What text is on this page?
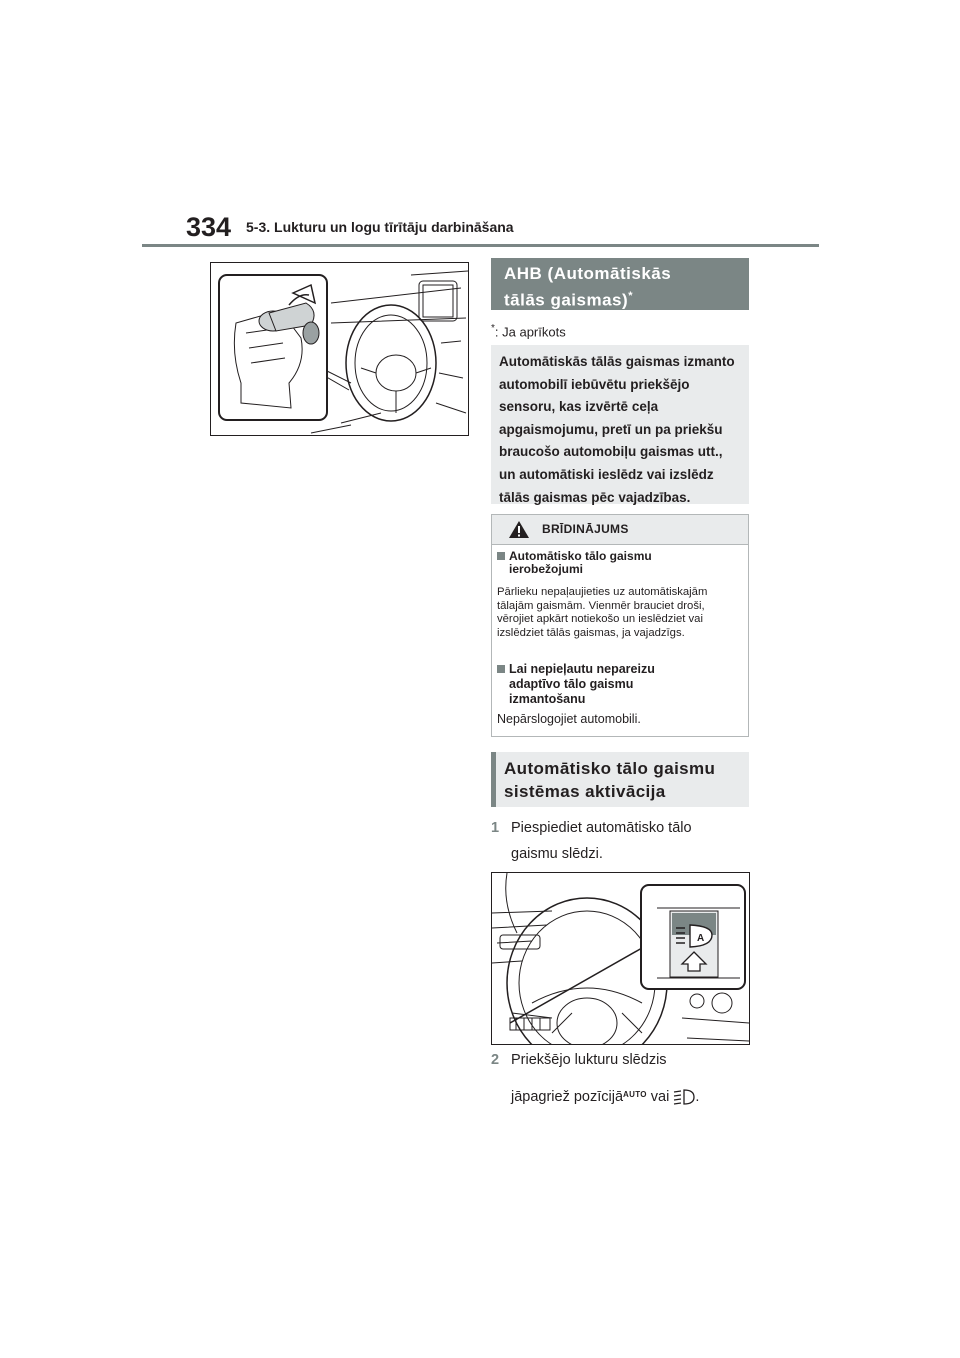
334 5-3. Lukturu un logu tīrītāju darbināšana
AHB (Automātiskās
tālās gaismas)*
*: Ja aprīkots
Automātiskās tālās gaismas izmanto automobilī iebūvētu priekšējo sensoru, kas izvērtē ceļa apgaismojumu, pretī un pa priekšu braucošo automobiļu gaismas utt., un automātiski ieslēdz vai izslēdz tālās gaismas pēc vajadzības.
BRĪDINĀJUMS
Automātisko tālo gaismu
ierobežojumi
Pārlieku nepaļaujieties uz automātiskajām tālajām gaismām. Vienmēr brauciet droši, vērojiet apkārt notiekošo un ieslēdziet vai izslēdziet tālās gaismas, ja vajadzīgs.
Lai nepieļautu nepareizu
adaptīvo tālo gaismu
izmantošanu
Nepārslogojiet automobili.
Automātisko tālo gaismu
sistēmas aktivācija
1 Piespiediet automātisko tālo
gaismu slēdzi.
A
2 Priekšējo lukturu slēdzis
jāpagriež pozīcijā$^{AUTO}$ vai .
